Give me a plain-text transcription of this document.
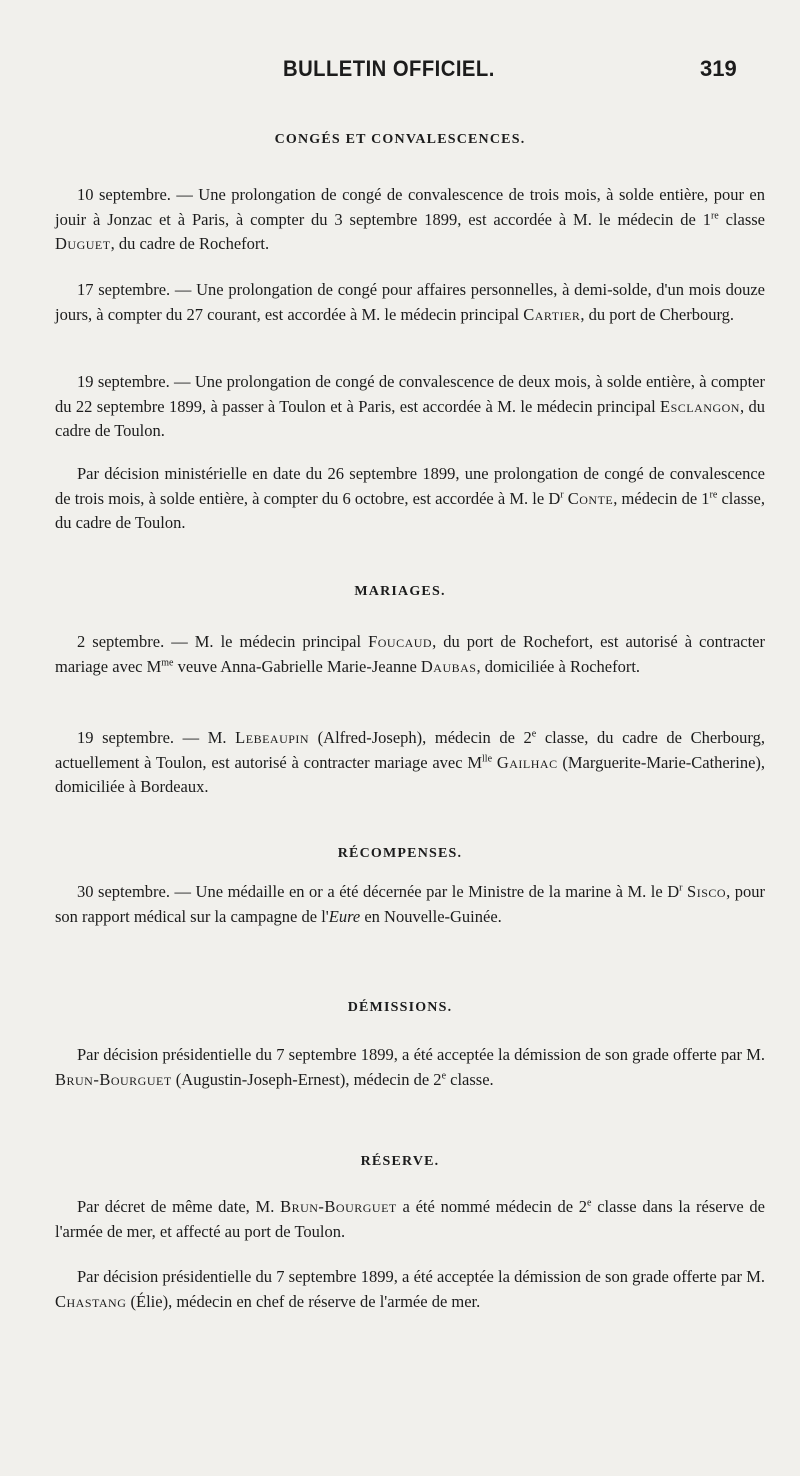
BULLETIN OFFICIEL.	319
CONGÉS ET CONVALESCENCES.

10 septembre. — Une prolongation de congé de convalescence de trois mois, à solde entière, pour en jouir à Jonzac et à Paris, à compter du 3 septembre 1899, est accordée à M. le médecin de 1re classe Duguet, du cadre de Rochefort.

17 septembre. — Une prolongation de congé pour affaires personnelles, à demi-solde, d'un mois douze jours, à compter du 27 courant, est accordée à M. le médecin principal Cartier, du port de Cherbourg.

19 septembre. — Une prolongation de congé de convalescence de deux mois, à solde entière, à compter du 22 septembre 1899, à passer à Toulon et à Paris, est accordée à M. le médecin principal Esclangon, du cadre de Toulon.

Par décision ministérielle en date du 26 septembre 1899, une prolongation de congé de convalescence de trois mois, à solde entière, à compter du 6 octobre, est accordée à M. le $D^r$ Conte, médecin de 1re classe, du cadre de Toulon.

MARIAGES.

2 septembre. — M. le médecin principal Foucaud, du port de Rochefort, est autorisé à contracter mariage avec $M^{me}$ veuve Anna-Gabrielle Marie-Jeanne Daubas, domiciliée à Rochefort.

19 septembre. — M. Lebeaupin (Alfred-Joseph), médecin de 2e classe, du cadre de Cherbourg, actuellement à Toulon, est autorisé à contracter mariage avec $M^{lle}$ Gailhac (Marguerite-Marie-Catherine), domiciliée à Bordeaux.

RÉCOMPENSES.

30 septembre. — Une médaille en or a été décernée par le Ministre de la marine à M. le $D^r$ Sisco, pour son rapport médical sur la campagne de l'Eure en Nouvelle-Guinée.

DÉMISSIONS.

Par décision présidentielle du 7 septembre 1899, a été acceptée la démission de son grade offerte par M. Brun-Bourguet (Augustin-Joseph-Ernest), médecin de 2e classe.

RÉSERVE.

Par décret de même date, M. Brun-Bourguet a été nommé médecin de 2e classe dans la réserve de l'armée de mer, et affecté au port de Toulon.

Par décision présidentielle du 7 septembre 1899, a été acceptée la démission de son grade offerte par M. Chastang (Élie), médecin en chef de réserve de l'armée de mer.
